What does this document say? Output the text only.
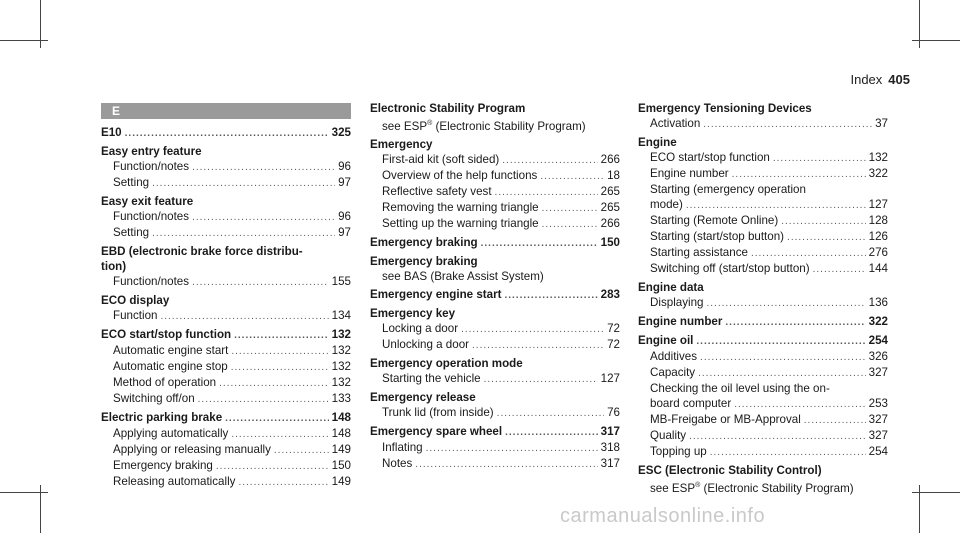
Index 405
E
E10 .....	325
Easy entry feature
Function/notes .....	96
Setting .....	97
Easy exit feature
Function/notes .....	96
Setting .....	97
EBD (electronic brake force distribu-
tion)
Function/notes .....	155
ECO display
Function .....	134
ECO start/stop function .....	132
Automatic engine start .....	132
Automatic engine stop .....	132
Method of operation .....	132
Switching off/on .....	133
Electric parking brake .....	148
Applying automatically .....	148
Applying or releasing manually .....	149
Emergency braking .....	150
Releasing automatically .....	149
Electronic Stability Program
see ESP® (Electronic Stability Program)
Emergency
First-aid kit (soft sided) .....	266
Overview of the help functions .....	18
Reflective safety vest .....	265
Removing the warning triangle .....	265
Setting up the warning triangle .....	266
Emergency braking .....	150
Emergency braking
see BAS (Brake Assist System)
Emergency engine start .....	283
Emergency key
Locking a door .....	72
Unlocking a door .....	72
Emergency operation mode
Starting the vehicle .....	127
Emergency release
Trunk lid (from inside) .....	76
Emergency spare wheel .....	317
Inflating .....	318
Notes .....	317
Emergency Tensioning Devices
Activation .....	37
Engine
ECO start/stop function .....	132
Engine number .....	322
Starting (emergency operation
mode) .....	127
Starting (Remote Online) .....	128
Starting (start/stop button) .....	126
Starting assistance .....	276
Switching off (start/stop button) .....	144
Engine data
Displaying .....	136
Engine number .....	322
Engine oil .....	254
Additives .....	326
Capacity .....	327
Checking the oil level using the on-
board computer .....	253
MB-Freigabe or MB-Approval .....	327
Quality .....	327
Topping up .....	254
ESC (Electronic Stability Control)
see ESP® (Electronic Stability Program)
carmanualsonline.info
